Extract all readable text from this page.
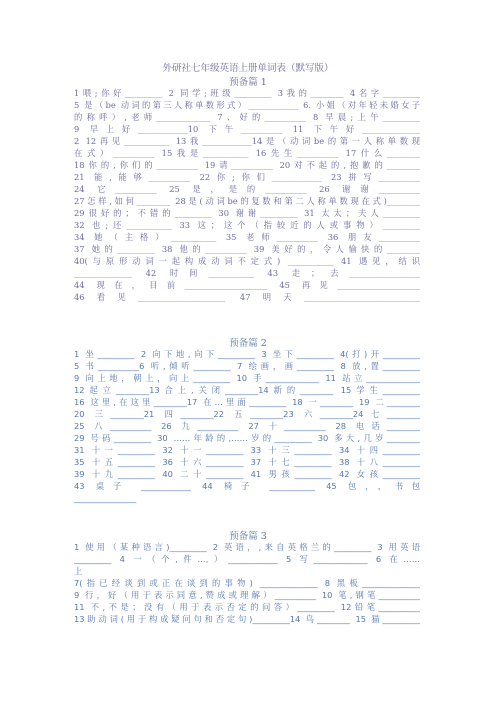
外研社七年级英语上册单词表（默写版）
预备篇 1
1喂;你好_________ 2 同学;班级_________ 3我的________ 4名字_________
5 是（be 动词的第三人称单数形式）____________ 6. 小姐（对年轻未婚女子
的称呼）,老师_____________ 7、好的__________ 8 早晨;上午_________
9 早上好____________10 下午__________ 11 下午好______________
2 12再见___________ 13我____________14是（动词be的第一人称单数现
在式）__________ 15我是___________ 16先生__________ 17什么________
18你的,你们的__________ 19请__________ 20对不起的,抱歉的________
21 能,能够__________ 22你;你们____________ 23拼写__________
24 它__________ 25 是，是的__________ 26 谢谢__________
27怎样,如何________ 28是(动词be的复数和第二人称单数现在式)________
29很好的；不错的_________ 30 谢谢_________ 31 太太；夫人_________
32 也;还___________ 33 这；这个（指较近的人或事物）_________
34 她（主格）___________ 35 老师__________ 36 朋友__________
37 她的_________ 38 他的__________ 39 美好的，令人愉快的________
40(与原形动词一起构成动词不定式) ___________ 41 遇见，结识
______________ 42 时间___________ 43 走；去_________________
44 现在，目前____________________ 45 再见____________________
46看见_____________________ 47明天____________________________
预备篇 2
1 坐_________ 2 向下地,向下_________ 3 坐下_________ 4(打)开_________
5 书__________6 听,倾听_________ 7 绘画，画_________ 8 放,置_________
9 向上地，朝上，向上_________ 10 手_____________ 11 站立_____________
12起立________13合上,关闭________14新的________ 15学生_________
16 这里,在这里________17 在…里面_________ 18 一________ 19 二________
20 三________21 四________22 五________23 六________24七________
25 八__________ 26 九__________ 27 十__________ 28 电话________
29 号码_________ 30 ……年龄的,……岁的_________ 30 多大,几岁________
31 十一_________ 32 十一_________ 33 十三_________ 34 十四_________
35 十五_________ 36 十六_________ 37 十七_________ 38 十八_________
39 十九_________ 40 二十_________ 41 男孩_________ 42 女孩_________
43 桌子 ____________ 44 椅子 ___________ 45 包，，书包
_______________
预备篇 3
1 使用（某种语言)_________ 2 英语，,来自英格兰的_________ 3 用英语
_________ 4 一（个,件…,）____________ 5 写_____________ 6 在……
上
7(指已经谈到或正在谈到的事物) ______________ 8 黑板______________
9 行，好（用于表示同意,赞成或理解）__________ 10 笔,钢笔__________
11 不,不是；没有（用于表示否定的问答）_________ 12铅笔__________
13助动词(用于构成疑问句和否定句)_________14 鸟________ 15 猫_________
